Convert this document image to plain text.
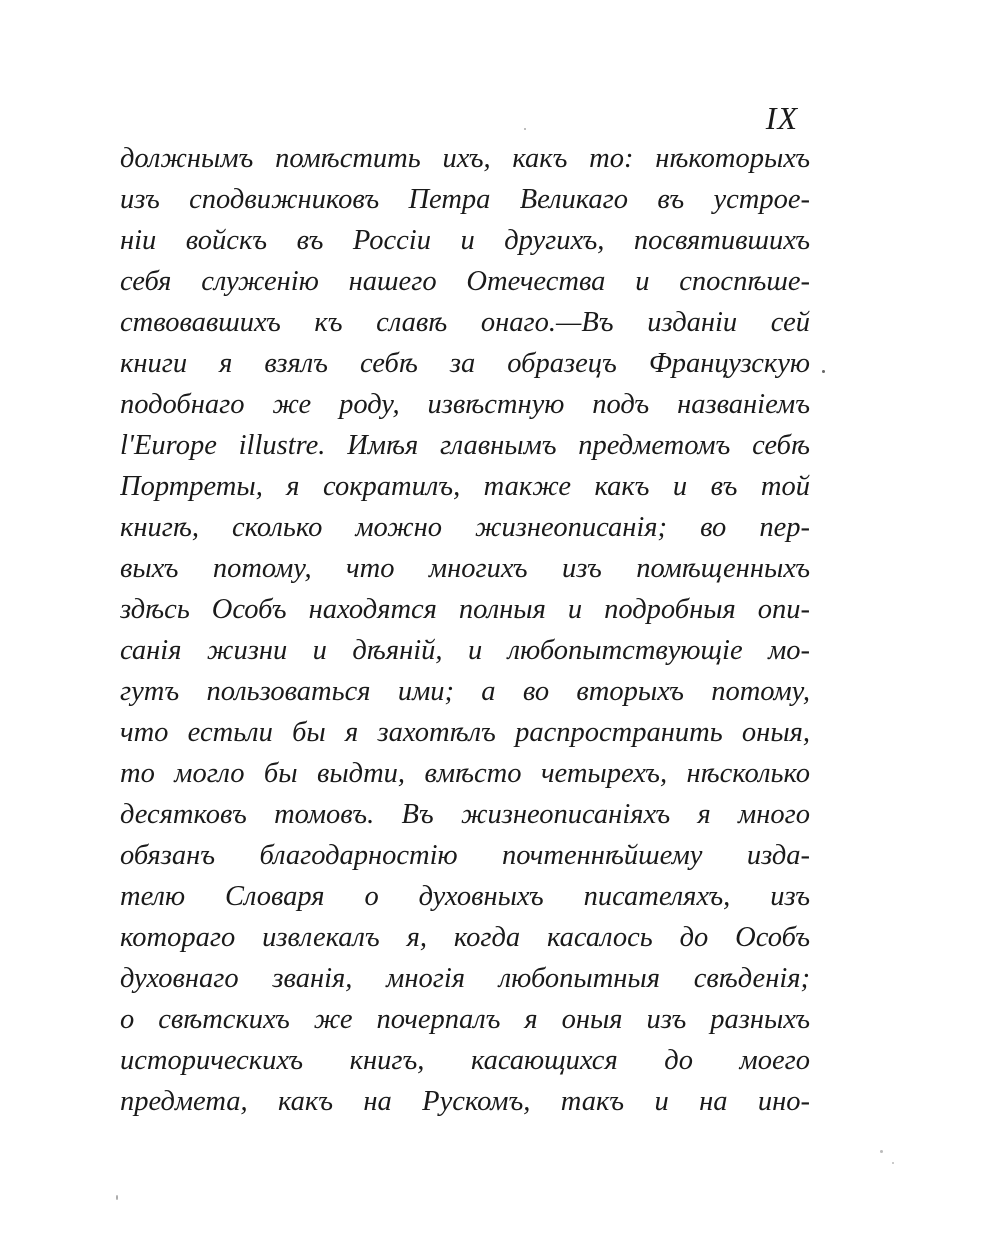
IX
должнымъ помѣстить ихъ, какъ то: нѣкоторыхъ
изъ сподвижниковъ Петра Великаго въ устрое-
нiи войскъ въ Россiи и другихъ, посвятившихъ
себя служенiю нашего Отечества и споспѣше-
ствовавшихъ къ славѣ онаго.—Въ изданiи сей
книги я взялъ себѣ за образецъ Французскую
подобнаго же роду, извѣстную подъ названiемъ
l'Europe illustre. Имѣя главнымъ предметомъ себѣ
Портреты, я сократилъ, также какъ и въ той
книгѣ, сколько можно жизнеописанiя; во пер-
выхъ потому, что многихъ изъ помѣщенныхъ
здѣсь Особъ находятся полныя и подробныя опи-
санiя жизни и дѣянiй, и любопытствующiе мо-
гутъ пользоваться ими; а во вторыхъ потому,
что естьли бы я захотѣлъ распространить оныя,
то могло бы выдти, вмѣсто четырехъ, нѣсколько
десятковъ томовъ. Въ жизнеописанiяхъ я много
обязанъ благодарностiю почтеннѣйшему изда-
телю Словаря о духовныхъ писателяхъ, изъ
котораго извлекалъ я, когда касалось до Особъ
духовнаго званiя, многiя любопытныя свѣденiя;
о свѣтскихъ же почерпалъ я оныя изъ разныхъ
историческихъ книгъ, касающихся до моего
предмета, какъ на Рускомъ, такъ и на ино-
